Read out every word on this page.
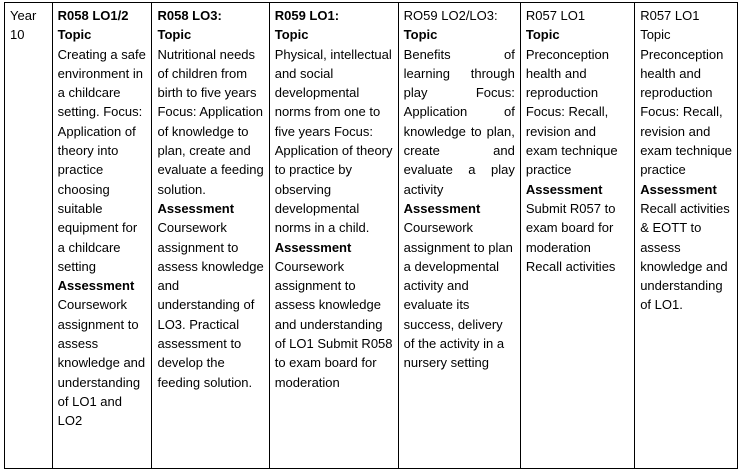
Year
10

R058 LO1/2
Topic
Creating a safe environment in a childcare setting. Focus: Application of theory into practice choosing suitable equipment for a childcare setting
Assessment
Coursework assignment to assess knowledge and understanding of LO1 and LO2

R058 LO3:
Topic
Nutritional needs of children from birth to five years Focus: Application of knowledge to plan, create and evaluate a feeding solution.
Assessment
Coursework assignment to assess knowledge and understanding of LO3. Practical assessment to develop the feeding solution.

R059 LO1:
Topic
Physical, intellectual and social developmental norms from one to five years Focus: Application of theory to practice by observing developmental norms in a child.
Assessment
Coursework assignment to assess knowledge and understanding of LO1 Submit R058 to exam board for moderation

RO59 LO2/LO3:
Topic
Benefits of learning through play Focus: Application of knowledge to plan, create and evaluate a play activity
Assessment
Coursework assignment to plan a developmental activity and evaluate its success, delivery of the activity in a nursery setting

R057 LO1
Topic
Preconception health and reproduction Focus: Recall, revision and exam technique practice
Assessment
Submit R057 to exam board for moderation Recall activities

R057 LO1
Topic
Preconception health and reproduction Focus: Recall, revision and exam technique practice
Assessment
Recall activities & EOTT to assess knowledge and understanding of LO1.
